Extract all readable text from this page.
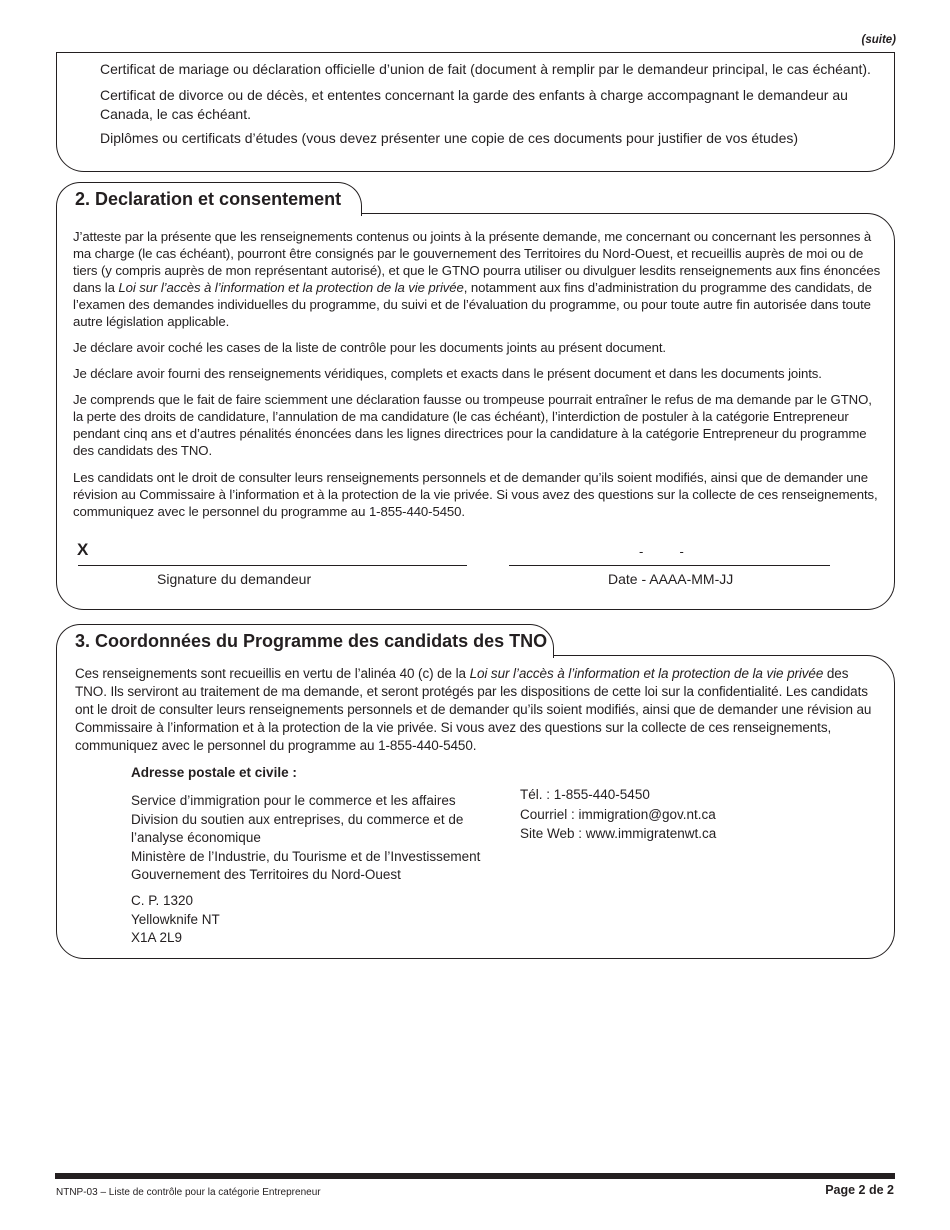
(suite)

Certificat de mariage ou déclaration officielle d’union de fait (document à remplir par le demandeur principal, le cas échéant).

Certificat de divorce ou de décès, et ententes concernant la garde des enfants à charge accompagnant le demandeur au Canada, le cas échéant.

Diplômes ou certificats d’études (vous devez présenter une copie de ces documents pour justifier de vos études)

2. Declaration et consentement

J’atteste par la présente que les renseignements contenus ou joints à la présente demande, me concernant ou concernant les personnes à ma charge (le cas échéant), pourront être consignés par le gouvernement des Territoires du Nord-Ouest, et recueillis auprès de moi ou de tiers (y compris auprès de mon représentant autorisé), et que le GTNO pourra utiliser ou divulguer lesdits renseignements aux fins énoncées dans la Loi sur l’accès à l’information et la protection de la vie privée, notamment aux fins d’administration du programme des candidats, de l’examen des demandes individuelles du programme, du suivi et de l’évaluation du programme, ou pour toute autre fin autorisée dans toute autre législation applicable.

Je déclare avoir coché les cases de la liste de contrôle pour les documents joints au présent document.

Je déclare avoir fourni des renseignements véridiques, complets et exacts dans le présent document et dans les documents joints.

Je comprends que le fait de faire sciemment une déclaration fausse ou trompeuse pourrait entraîner le refus de ma demande par le GTNO, la perte des droits de candidature, l’annulation de ma candidature (le cas échéant), l’interdiction de postuler à la catégorie Entrepreneur pendant cinq ans et d’autres pénalités énoncées dans les lignes directrices pour la candidature à la catégorie Entrepreneur du programme des candidats des TNO.

Les candidats ont le droit de consulter leurs renseignements personnels et de demander qu’ils soient modifiés, ainsi que de demander une révision au Commissaire à l’information et à la protection de la vie privée. Si vous avez des questions sur la collecte de ces renseignements, communiquez avec le personnel du programme au 1-855-440-5450.

X	-          -
Signature du demandeur	Date - AAAA-MM-JJ
3. Coordonnées du Programme des candidats des TNO

Ces renseignements sont recueillis en vertu de l’alinéa 40 (c) de la Loi sur l’accès à l’information et la protection de la vie privée des TNO. Ils serviront au traitement de ma demande, et seront protégés par les dispositions de cette loi sur la confidentialité. Les candidats ont le droit de consulter leurs renseignements personnels et de demander qu’ils soient modifiés, ainsi que de demander une révision au Commissaire à l’information et à la protection de la vie privée. Si vous avez des questions sur la collecte de ces renseignements, communiquez avec le personnel du programme au 1-855-440-5450.

Adresse postale et civile :
Service d’immigration pour le commerce et les affaires
Division du soutien aux entreprises, du commerce et de l’analyse économique
Ministère de l’Industrie, du Tourisme et de l’Investissement
Gouvernement des Territoires du Nord-Ouest
C. P. 1320
Yellowknife NT
X1A 2L9
Tél. : 1-855-440-5450
Courriel : immigration@gov.nt.ca
Site Web : www.immigratenwt.ca
NTNP-03 – Liste de contrôle pour la catégorie Entrepreneur	Page 2 de 2
